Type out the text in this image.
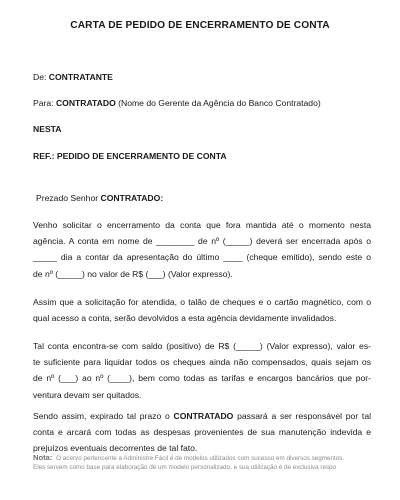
CARTA DE PEDIDO DE ENCERRAMENTO DE CONTA
De: CONTRATANTE
Para: CONTRATADO (Nome do Gerente da Agência do Banco Contratado)
NESTA
REF.: PEDIDO DE ENCERRAMENTO DE CONTA
Prezado Senhor CONTRATADO:
Venho solicitar o encerramento da conta que fora mantida até o momento nesta
agência. A conta em nome de ________ de nº (_____) deverá ser encerrada após o
_____ dia a contar da apresentação do último ____ (cheque emitido), sendo este o
de nº (_____) no valor de R$ (___) (Valor expresso).
Assim que a solicitação for atendida, o talão de cheques e o cartão magnético, com o
qual acesso a conta, serão devolvidos a esta agência devidamente invalidados.
Tal conta encontra-se com saldo (positivo) de R$ (_____) (Valor expresso), valor es-
te suficiente para liquidar todos os cheques ainda não compensados, quais sejam os
de nº (___) ao nº (____), bem como todas as tarifas e encargos bancários que por-
ventura devam ser quitados.
Sendo assim, expirado tal prazo o CONTRATADO passará a ser responsável por tal
conta e arcará com todas as despesas provenientes de sua manutenção indevida e
prejuízos eventuais decorrentes de tal fato.
Nota: O acervo pertencente a Administre Fácil é de modelos utilizados com sucesso em diversos segmentos.
Eles servem como base para elaboração de um modelo personalizado, e sua utilização é de exclusiva respo
